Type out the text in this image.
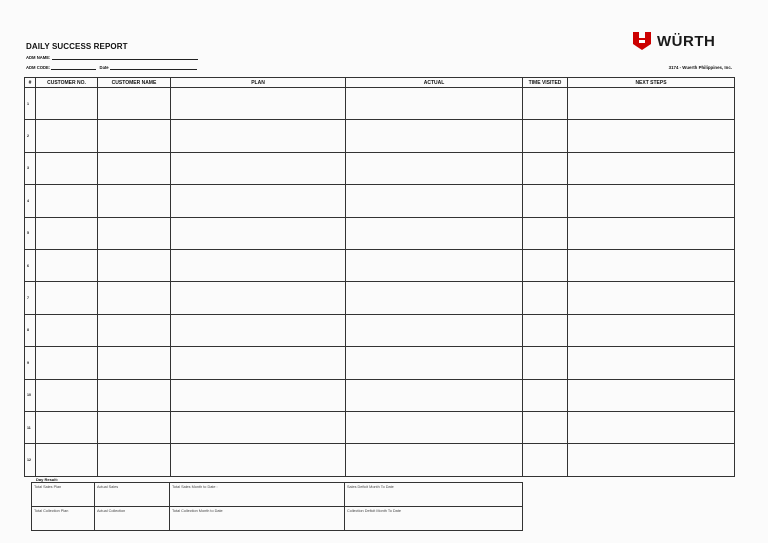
DAILY SUCCESS REPORT
ADM NAME:
ADM CODE:	Date
WÜRTH
3174 - Wuerth Philippines, Inc.
#	CUSTOMER NO.	CUSTOMER NAME	PLAN	ACTUAL	TIME VISITED	NEXT STEPS
1						
2						
3						
4						
5						
6						
7						
8						
9						
10						
11						
12						
Day Result:
Total Sales Plan	Actual Sales	Total Sales Month to Date :	Sales Deficit Month To Date
Total Collection Plan	Actual Collection	Total Collection Month to Date	Collection Deficit Month To Date
